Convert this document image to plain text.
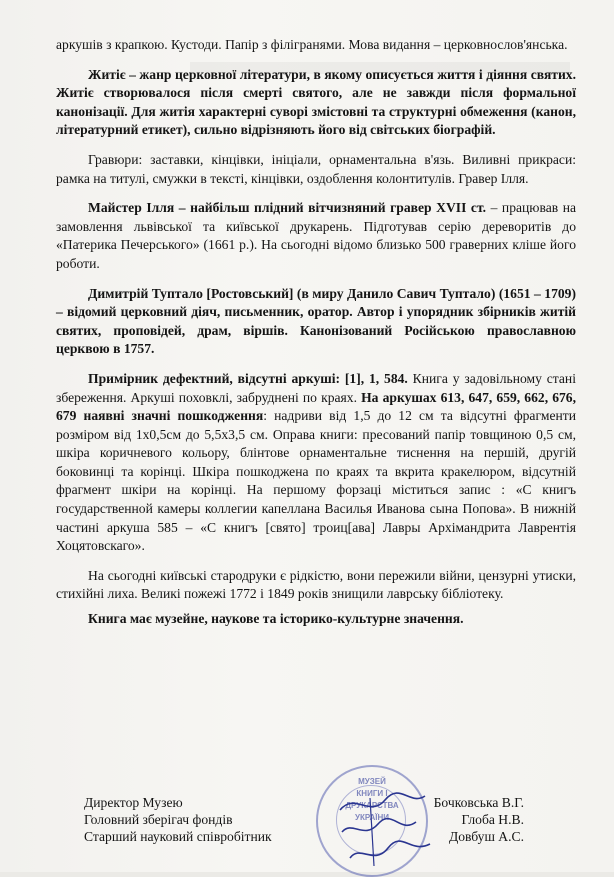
аркушів з крапкою. Кустоди. Папір з філігранями. Мова видання – церковнослов'янська.

Житіє – жанр церковної літератури, в якому описується життя і діяння святих. Житіє створювалося після смерті святого, але не завжди після формальної канонізації. Для житія характерні суворі змістовні та структурні обмеження (канон, літературний етикет), сильно відрізняють його від світських біографій.

Гравюри: заставки, кінцівки, ініціали, орнаментальна в'язь. Виливні прикраси: рамка на титулі, смужки в тексті, кінцівки, оздоблення колонтитулів. Гравер Ілля.

Майстер Ілля – найбільш плідний вітчизняний гравер XVII ст. – працював на замовлення львівської та київської друкарень. Підготував серію дереворитів до «Патерика Печерського» (1661 р.). На сьогодні відомо близько 500 граверних кліше його роботи.

Димитрій Туптало [Ростовський] (в миру Данило Савич Туптало) (1651 – 1709) – відомий церковний діяч, письменник, оратор. Автор і упорядник збірників житій святих, проповідей, драм, віршів. Канонізований Російською православною церквою в 1757.

Примірник дефектний, відсутні аркуші: [1], 1, 584. Книга у задовільному стані збереження. Аркуші поховклі, забруднені по краях. На аркушах 613, 647, 659, 662, 676, 679 наявні значні пошкодження: надриви від 1,5 до 12 см та відсутні фрагменти розміром від 1х0,5см до 5,5х3,5 см. Оправа книги: пресований папір товщиною 0,5 см, шкіра коричневого кольору, блінтове орнаментальне тиснення на першій, другій боковинці та корінці. Шкіра пошкоджена по краях та вкрита кракелюром, відсутній фрагмент шкіри на корінці. На першому форзаці міститься запис : «С книгъ государственной камеры коллегии капеллана Василья Иванова сына Попова». В нижній частині аркуша 585 – «С книгъ [свято] троиц[ава] Лавры Архімандрита Лаврентія Хоцятовскаго».

На сьогодні київські стародруки є рідкістю, вони пережили війни, цензурні утиски, стихійні лиха. Великі пожежі 1772 і 1849 років знищили лаврську бібліотеку.

Книга має музейне, наукове та історико-культурне значення.

МУЗЕЙ
КНИГИ І
ДРУКАРСТВА
УКРАЇНИ
Директор Музею	Бочковська В.Г.
Головний зберігач фондів	Глоба Н.В.
Старший науковий співробітник	Довбуш А.С.
